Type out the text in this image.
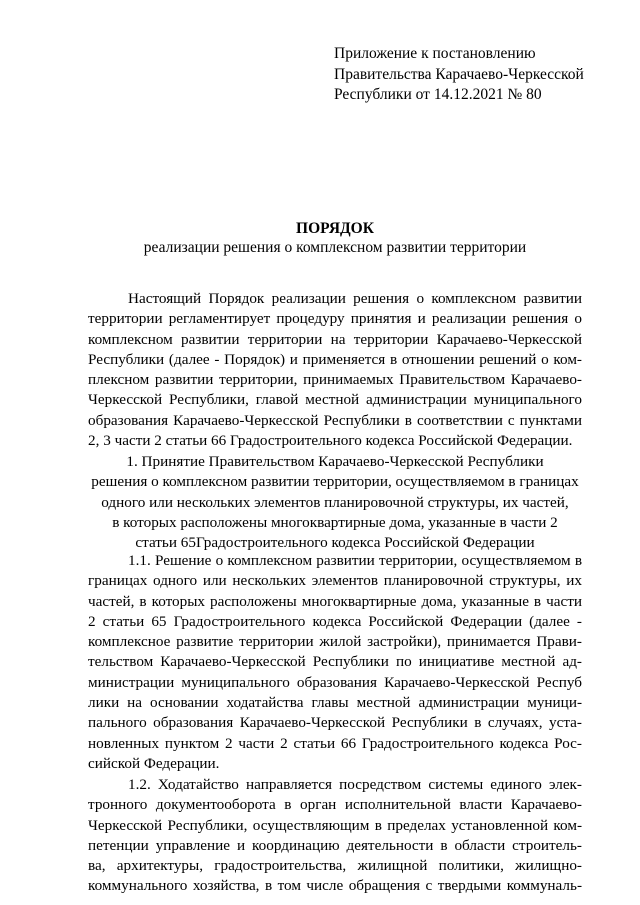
Приложение к постановлению
Правительства Карачаево-Черкесской
Республики от 14.12.2021 № 80
ПОРЯДОК
реализации решения о комплексном развитии территории
Настоящий Порядок реализации решения о комплексном развитии
территории регламентирует процедуру принятия и реализации решения о
комплексном развитии территории на территории Карачаево-Черкесской
Республики (далее - Порядок) и применяется в отношении решений о ком-
плексном развитии территории, принимаемых Правительством Карачаево-
Черкесской Республики, главой местной администрации муниципального
образования Карачаево-Черкесской Республики в соответствии с пунктами
2, 3 части 2 статьи 66 Градостроительного кодекса Российской Федерации.
1. Принятие Правительством Карачаево-Черкесской Республики
решения о комплексном развитии территории, осуществляемом в границах
одного или нескольких элементов планировочной структуры, их частей,
в которых расположены многоквартирные дома, указанные в части 2
статьи 65Градостроительного кодекса Российской Федерации
1.1. Решение о комплексном развитии территории, осуществляемом в
границах одного или нескольких элементов планировочной структуры, их
частей, в которых расположены многоквартирные дома, указанные в части
2 статьи 65 Градостроительного кодекса Российской Федерации (далее -
комплексное развитие территории жилой застройки), принимается Прави-
тельством Карачаево-Черкесской Республики по инициативе местной ад-
министрации муниципального образования Карачаево-Черкесской Респуб
лики на основании ходатайства главы местной администрации муници-
пального образования Карачаево-Черкесской Республики в случаях, уста-
новленных пунктом 2 части 2 статьи 66 Градостроительного кодекса Рос-
сийской Федерации.
1.2. Ходатайство направляется посредством системы единого элек-
тронного документооборота в орган исполнительной власти Карачаево-
Черкесской Республики, осуществляющим в пределах установленной ком-
петенции управление и координацию деятельности в области строитель-
ва, архитектуры, градостроительства, жилищной политики, жилищно-
коммунального хозяйства, в том числе обращения с твердыми коммуналь-
